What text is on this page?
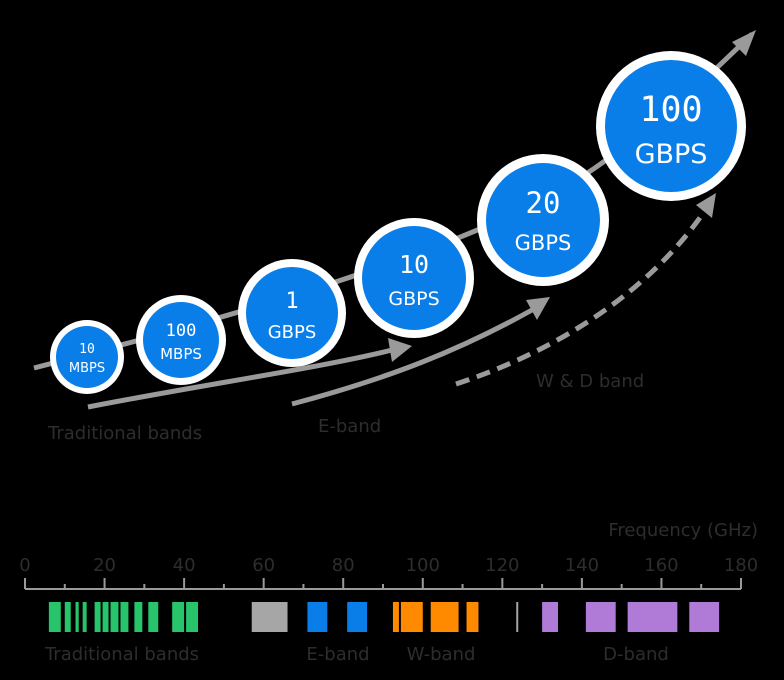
10
MBPS
100
MBPS
1
GBPS
10
GBPS
20
GBPS
100
GBPS
Traditional bands	E-band
W & D band
Frequency (GHz)
0	20	40	60	80	100	120	140	160	180
Traditional bands	E-band W-band	D-band
